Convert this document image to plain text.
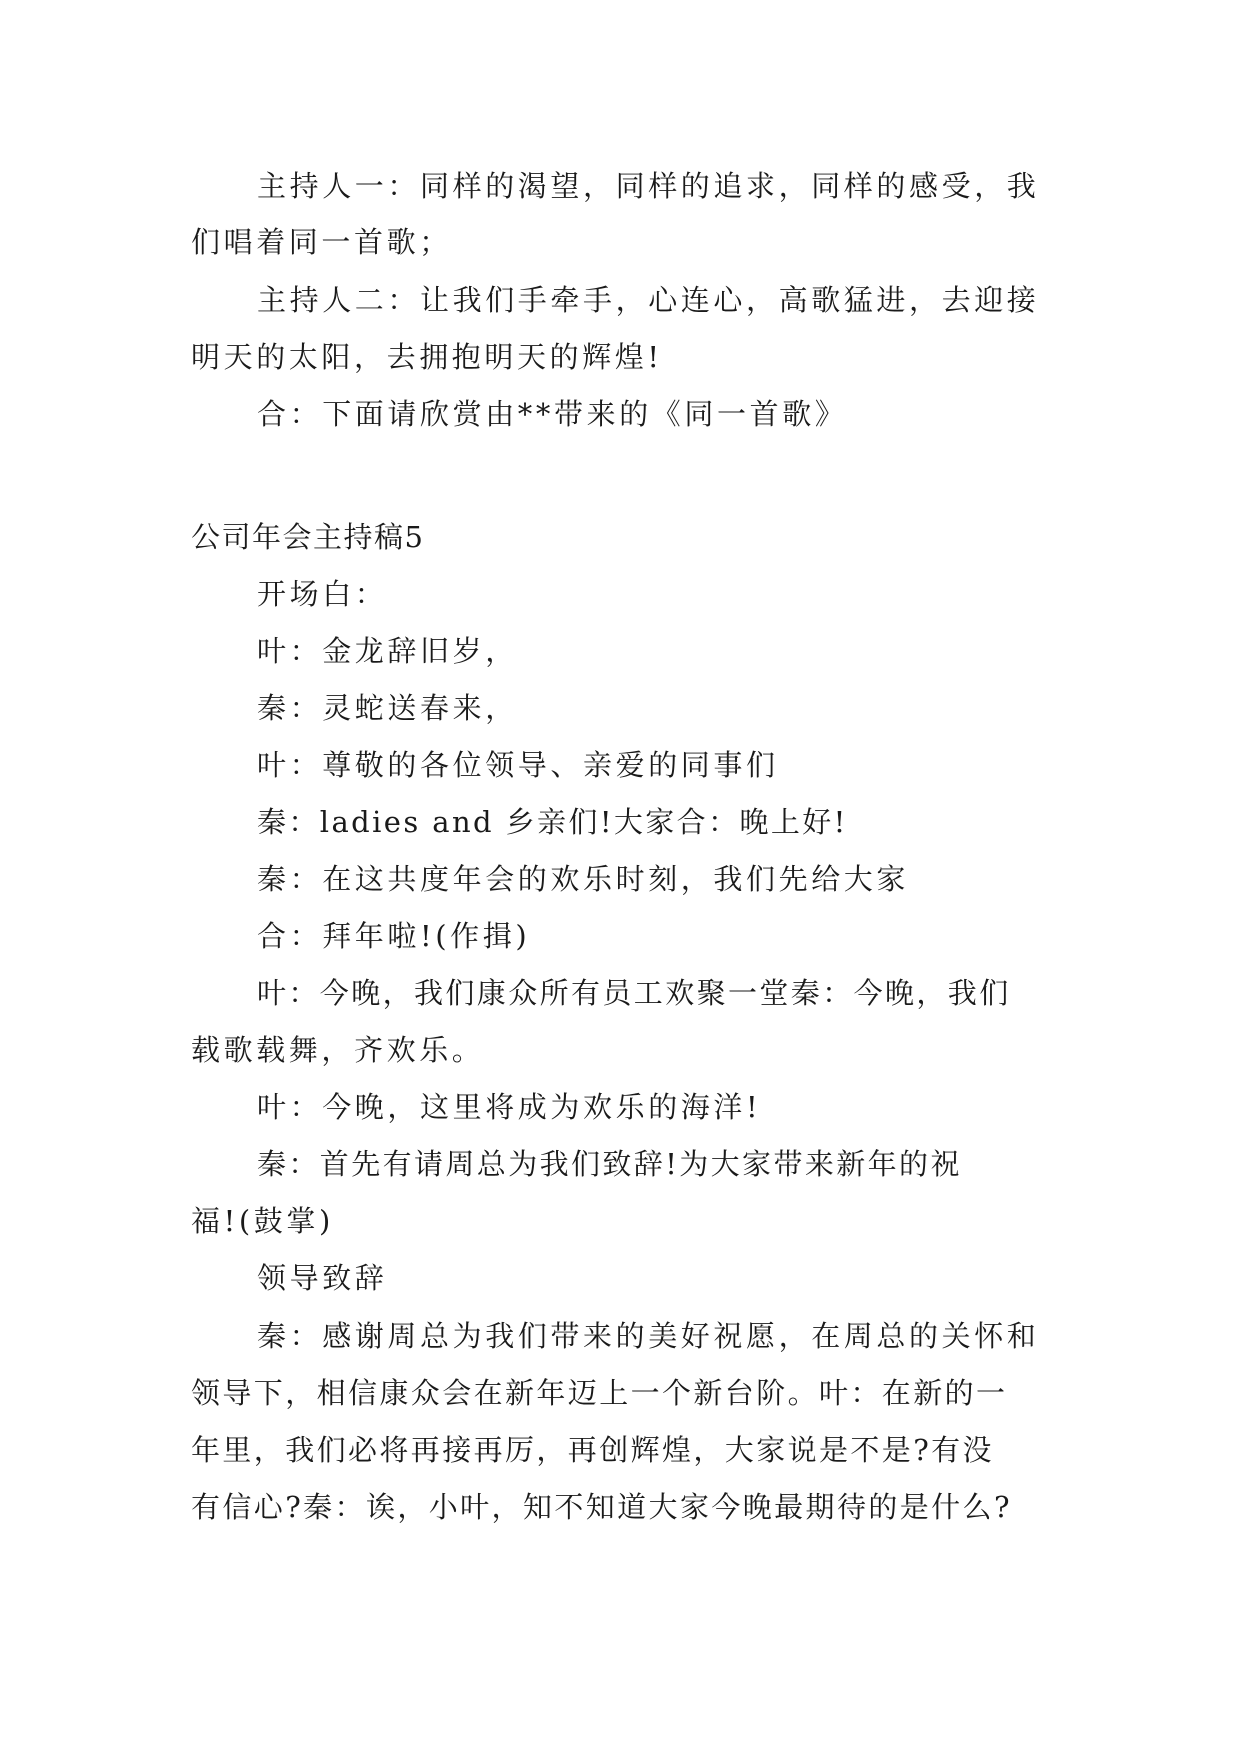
主持人一：同样的渴望，同样的追求，同样的感受，我
们唱着同一首歌；
主持人二：让我们手牵手，心连心，高歌猛进，去迎接
明天的太阳，去拥抱明天的辉煌!
合：下面请欣赏由**带来的《同一首歌》
公司年会主持稿5
开场白：
叶：金龙辞旧岁，
秦：灵蛇送春来，
叶：尊敬的各位领导、亲爱的同事们
秦：ladies and 乡亲们!大家合：晚上好!
秦：在这共度年会的欢乐时刻，我们先给大家
合：拜年啦!(作揖)
叶：今晚，我们康众所有员工欢聚一堂秦：今晚，我们
载歌载舞，齐欢乐。
叶：今晚，这里将成为欢乐的海洋!
秦：首先有请周总为我们致辞!为大家带来新年的祝
福!(鼓掌)
领导致辞
秦：感谢周总为我们带来的美好祝愿，在周总的关怀和
领导下，相信康众会在新年迈上一个新台阶。叶：在新的一
年里，我们必将再接再厉，再创辉煌，大家说是不是?有没
有信心?秦：诶，小叶，知不知道大家今晚最期待的是什么?
